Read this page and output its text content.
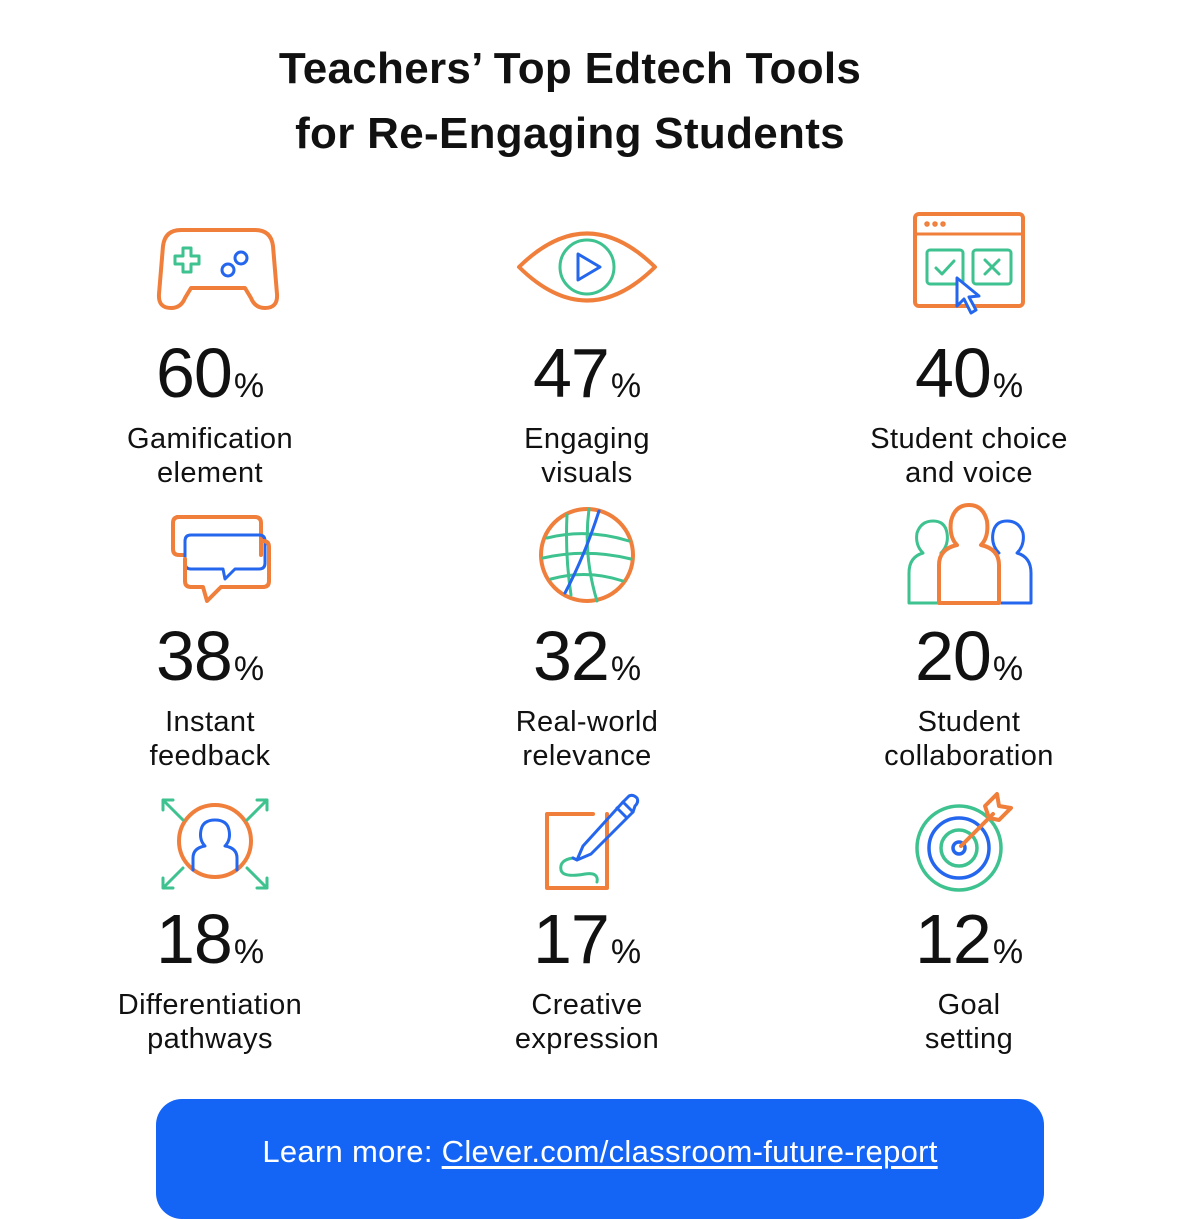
Teachers’ Top Edtech Tools
for Re-Engaging Students
60%
Gamification
element
47%
Engaging
visuals
40%
Student choice
and voice
38%
Instant
feedback
32%
Real-world
relevance
20%
Student
collaboration
18%
Differentiation
pathways
17%
Creative
expression
12%
Goal
setting
Learn more: Clever.com/classroom-future-report
